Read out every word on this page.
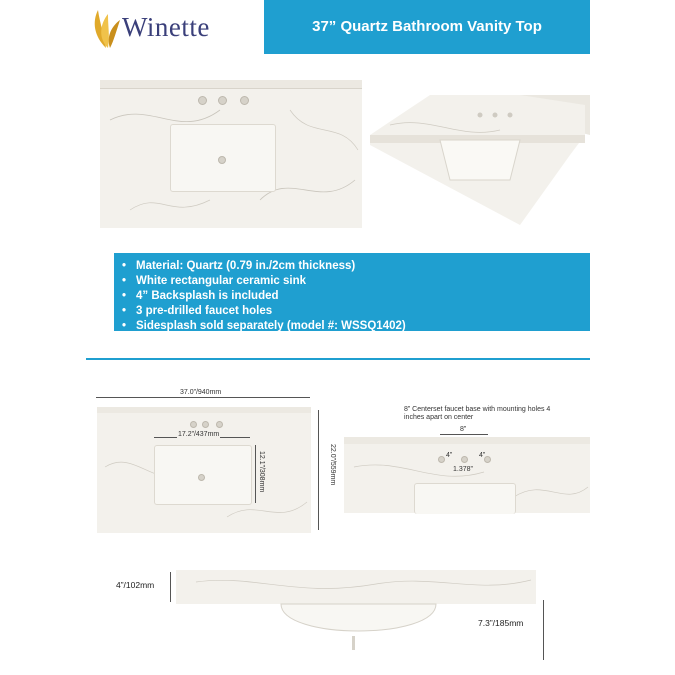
Winette	37” Quartz Bathroom Vanity Top
• Material: Quartz (0.79 in./2cm thickness)
• White rectangular ceramic sink
• 4” Backsplash is included
• 3 pre-drilled faucet holes
• Sidesplash sold separately (model #: WSSQ1402)
37.0”/940mm
17.2”/437mm
12.1”/308mm	22.0”/559mm
8” Centerset faucet base with mounting holes 4 inches apart on center
8”
4”	4”
1.378”
4”/102mm
7.3”/185mm
